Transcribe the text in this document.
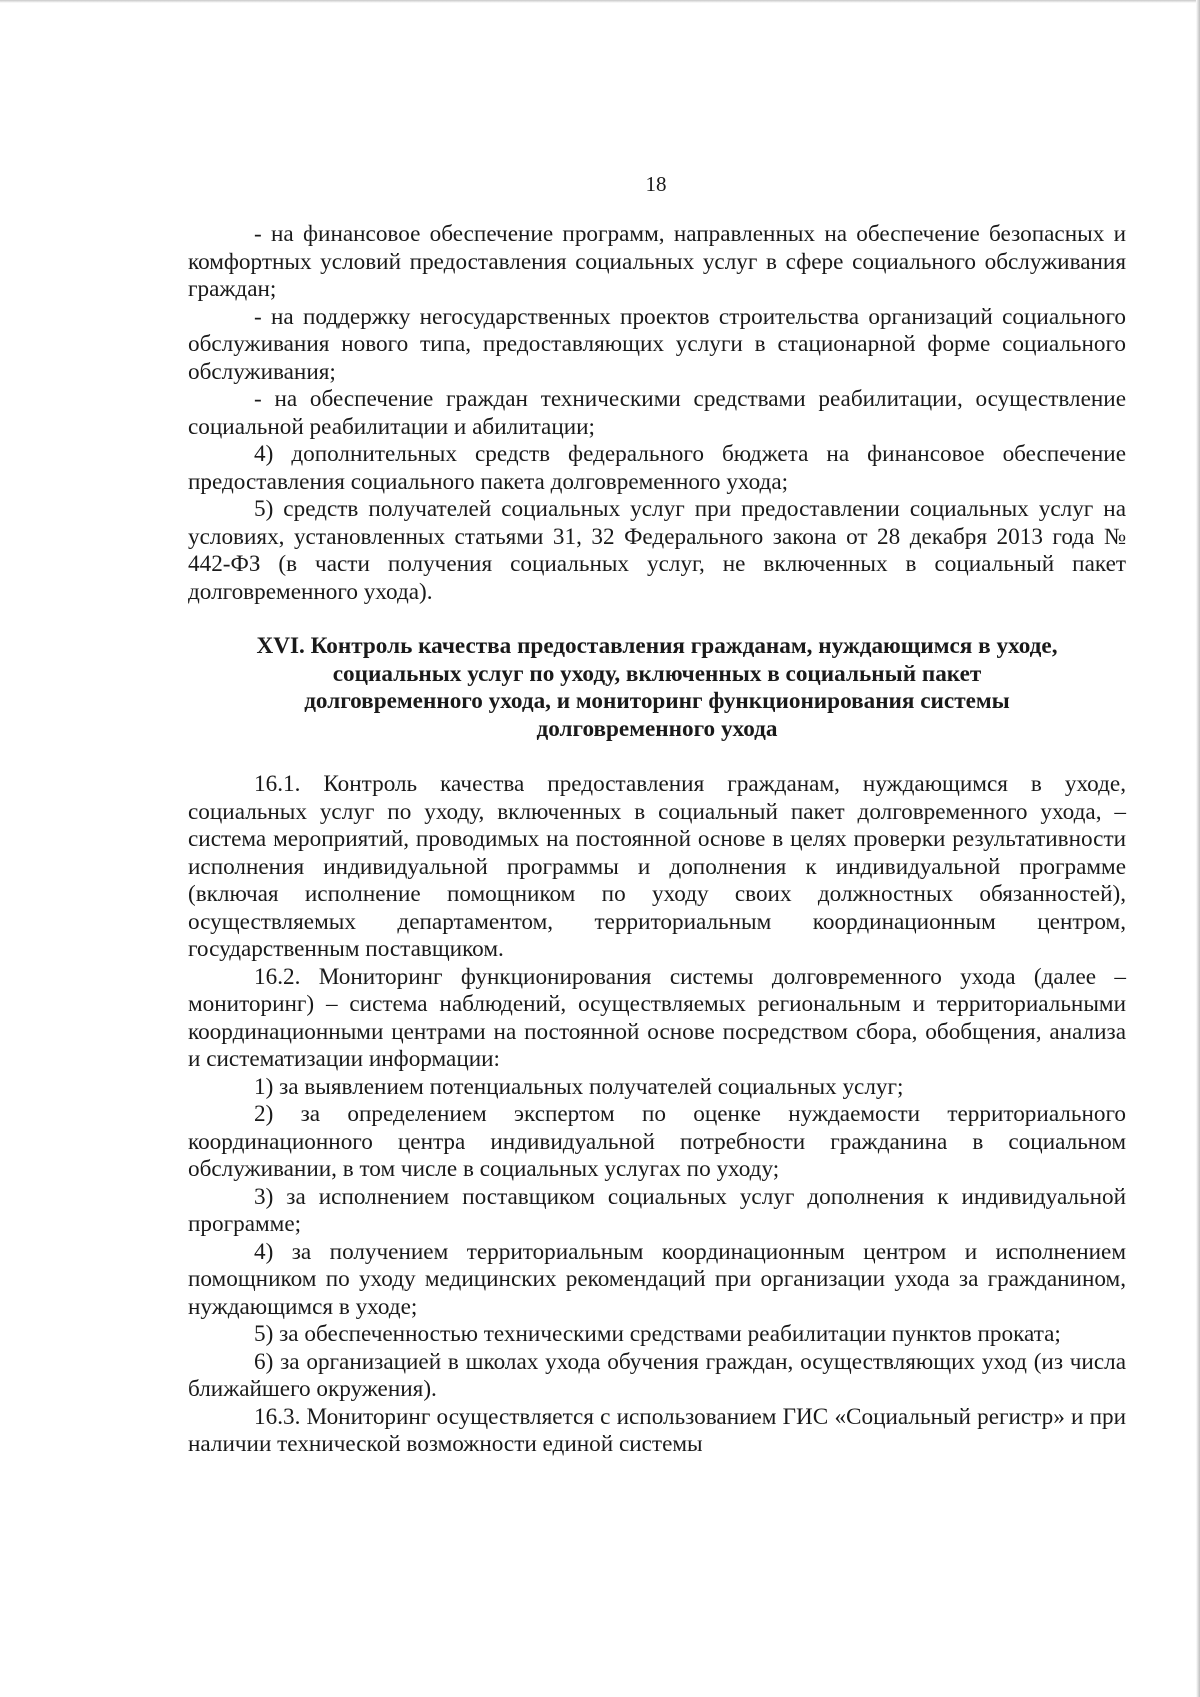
18

- на финансовое обеспечение программ, направленных на обеспечение безопасных и комфортных условий предоставления социальных услуг в сфере социального обслуживания граждан;

- на поддержку негосударственных проектов строительства организаций социального обслуживания нового типа, предоставляющих услуги в стационарной форме социального обслуживания;

- на обеспечение граждан техническими средствами реабилитации, осуществление социальной реабилитации и абилитации;

4) дополнительных средств федерального бюджета на финансовое обеспечение предоставления социального пакета долговременного ухода;

5) средств получателей социальных услуг при предоставлении социальных услуг на условиях, установленных статьями 31, 32 Федерального закона от 28 декабря 2013 года № 442-ФЗ (в части получения социальных услуг, не включенных в социальный пакет долговременного ухода).

XVI. Контроль качества предоставления гражданам, нуждающимся в уходе,
социальных услуг по уходу, включенных в социальный пакет
долговременного ухода, и мониторинг функционирования системы
долговременного ухода

16.1. Контроль качества предоставления гражданам, нуждающимся в уходе, социальных услуг по уходу, включенных в социальный пакет долговременного ухода, – система мероприятий, проводимых на постоянной основе в целях проверки результативности исполнения индивидуальной программы и дополнения к индивидуальной программе (включая исполнение помощником по уходу своих должностных обязанностей), осуществляемых департаментом, территориальным координационным центром, государственным поставщиком.

16.2. Мониторинг функционирования системы долговременного ухода (далее – мониторинг) – система наблюдений, осуществляемых региональным и территориальными координационными центрами на постоянной основе посредством сбора, обобщения, анализа и систематизации информации:

1) за выявлением потенциальных получателей социальных услуг;

2) за определением экспертом по оценке нуждаемости территориального координационного центра индивидуальной потребности гражданина в социальном обслуживании, в том числе в социальных услугах по уходу;

3) за исполнением поставщиком социальных услуг дополнения к индивидуальной программе;

4) за получением территориальным координационным центром и исполнением помощником по уходу медицинских рекомендаций при организации ухода за гражданином, нуждающимся в уходе;

5) за обеспеченностью техническими средствами реабилитации пунктов проката;

6) за организацией в школах ухода обучения граждан, осуществляющих уход (из числа ближайшего окружения).

16.3. Мониторинг осуществляется с использованием ГИС «Социальный регистр» и при наличии технической возможности единой системы
